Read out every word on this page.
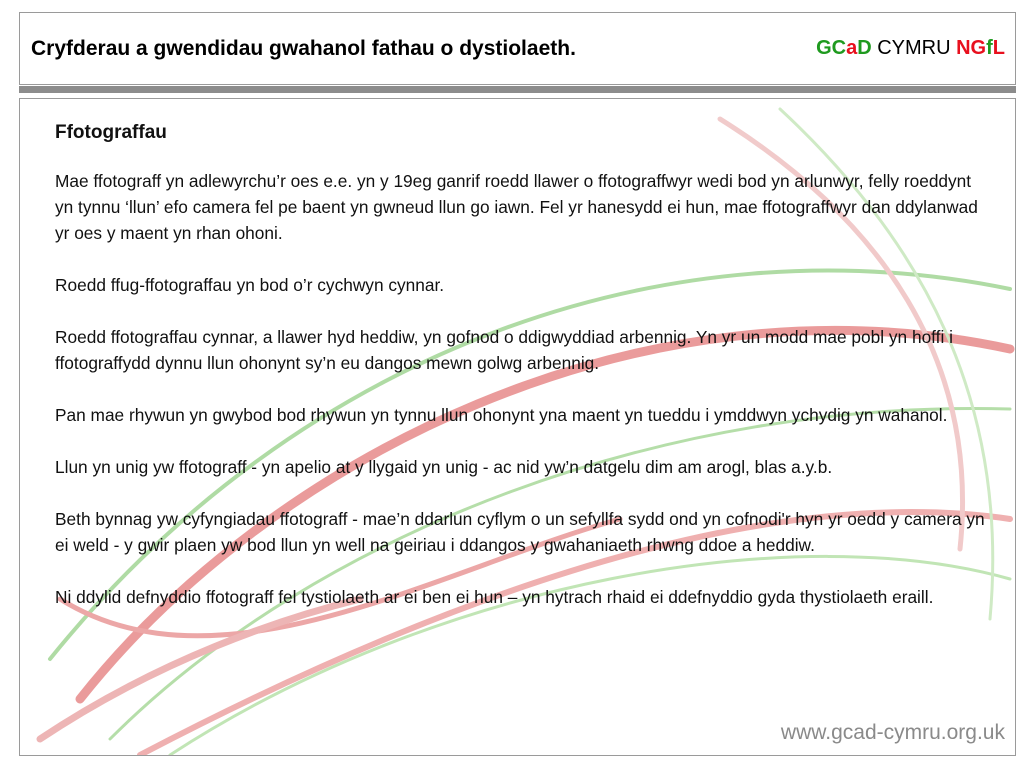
Cryfderau a gwendidau gwahanol fathau o dystiolaeth.	GCaD CYMRU NGfL
Ffotograffau

Mae ffotograff yn adlewyrchu’r oes e.e. yn y 19eg ganrif roedd llawer o ffotograffwyr wedi bod yn arlunwyr, felly roeddynt yn tynnu ‘llun’ efo camera fel pe baent yn gwneud llun go iawn. Fel yr hanesydd ei hun, mae ffotograffwyr dan ddylanwad yr oes y maent yn rhan ohoni.

Roedd ffug-ffotograffau yn bod o’r cychwyn cynnar.

Roedd ffotograffau cynnar, a llawer hyd heddiw, yn gofnod o ddigwyddiad arbennig. Yn yr un modd mae pobl yn hoffi i ffotograffydd dynnu llun ohonynt sy’n eu dangos mewn golwg arbennig.

Pan mae rhywun yn gwybod bod rhywun yn tynnu llun ohonynt yna maent yn tueddu i ymddwyn ychydig yn wahanol.

Llun yn unig yw ffotograff - yn apelio at y llygaid yn unig - ac nid yw’n datgelu dim am arogl, blas a.y.b.

Beth bynnag yw cyfyngiadau ffotograff - mae’n ddarlun cyflym o un sefyllfa sydd ond yn cofnodi'r hyn yr oedd y camera yn ei weld - y gwir plaen yw bod llun yn well na geiriau i ddangos y gwahaniaeth rhwng ddoe a heddiw.

Ni ddylid defnyddio ffotograff fel tystiolaeth ar ei ben ei hun – yn hytrach rhaid ei ddefnyddio gyda thystiolaeth eraill.

www.gcad-cymru.org.uk
